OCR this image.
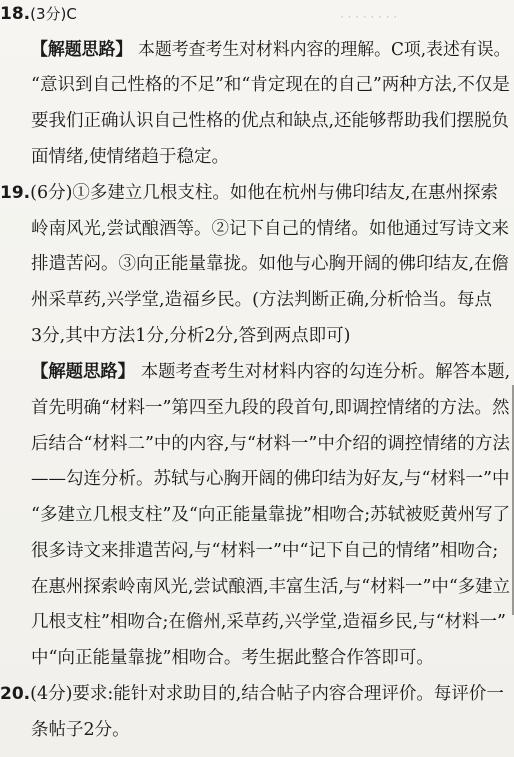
· · · · · · · ·
18.(3分)C
【解题思路】 本题考查考生对材料内容的理解。C项,表述有误。
“意识到自己性格的不足”和“肯定现在的自己”两种方法,不仅是
要我们正确认识自己性格的优点和缺点,还能够帮助我们摆脱负
面情绪,使情绪趋于稳定。
19.(6分)①多建立几根支柱。如他在杭州与佛印结友,在惠州探索
岭南风光,尝试酿酒等。②记下自己的情绪。如他通过写诗文来
排遣苦闷。③向正能量靠拢。如他与心胸开阔的佛印结友,在儋
州采草药,兴学堂,造福乡民。(方法判断正确,分析恰当。每点
3分,其中方法1分,分析2分,答到两点即可)
【解题思路】 本题考查考生对材料内容的勾连分析。解答本题,
首先明确“材料一”第四至九段的段首句,即调控情绪的方法。然
后结合“材料二”中的内容,与“材料一”中介绍的调控情绪的方法
——勾连分析。苏轼与心胸开阔的佛印结为好友,与“材料一”中
“多建立几根支柱”及“向正能量靠拢”相吻合;苏轼被贬黄州写了
很多诗文来排遣苦闷,与“材料一”中“记下自己的情绪”相吻合;
在惠州探索岭南风光,尝试酿酒,丰富生活,与“材料一”中“多建立
几根支柱”相吻合;在儋州,采草药,兴学堂,造福乡民,与“材料一”
中“向正能量靠拢”相吻合。考生据此整合作答即可。
20.(4分)要求:能针对求助目的,结合帖子内容合理评价。每评价一
条帖子2分。
